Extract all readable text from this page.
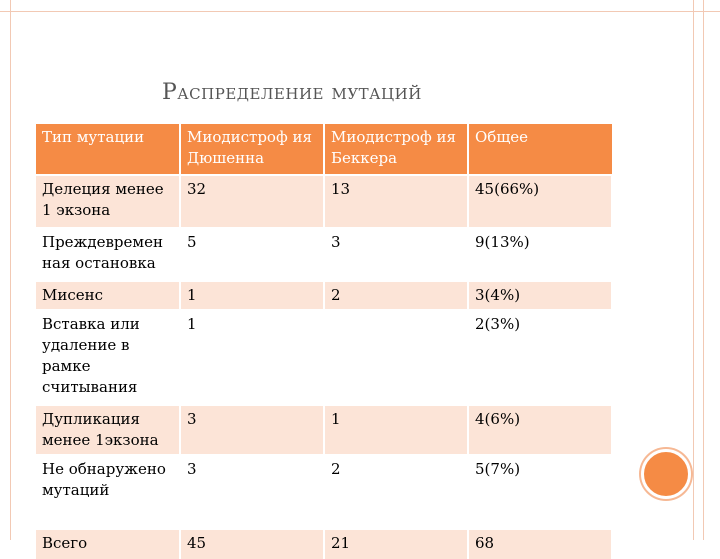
Распределение мутаций
Тип мутации	Миодистроф ия Дюшенна	Миодистроф ия Беккера	Общее
Делеция менее 1 экзона	32	13	45(66%)
Преждевремен ная остановка	5	3	9(13%)
Мисенс	1	2	3(4%)
Вставка или удаление в рамке считывания	1		2(3%)
Дупликация менее 1экзона	3	1	4(6%)
Не обнаружено мутаций	3	2	5(7%)
Всего	45	21	68
